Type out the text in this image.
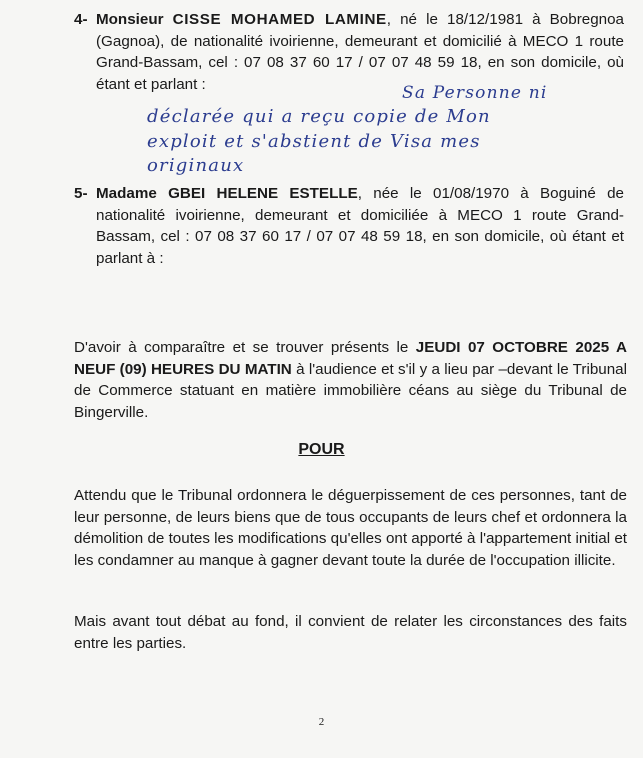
4- Monsieur CISSE MOHAMED LAMINE, né le 18/12/1981 à Bobregnoa (Gagnoa), de nationalité ivoirienne, demeurant et domicilié à MECO 1 route Grand-Bassam, cel : 07 08 37 60 17 / 07 07 48 59 18, en son domicile, où étant et parlant :	Sa Personne ni
déclarée qui a reçu copie de Mon
exploit et s'abstient de Visa mes
originaux
5- Madame GBEI HELENE ESTELLE, née le 01/08/1970 à Boguiné de nationalité ivoirienne, demeurant et domiciliée à MECO 1 route Grand-Bassam, cel : 07 08 37 60 17 / 07 07 48 59 18, en son domicile, où étant et parlant à :
D'avoir à comparaître et se trouver présents le JEUDI 07 OCTOBRE 2025 A NEUF (09) HEURES DU MATIN à l'audience et s'il y a lieu par –devant le Tribunal de Commerce statuant en matière immobilière céans au siège du Tribunal de Bingerville.
POUR
Attendu que le Tribunal ordonnera le déguerpissement de ces personnes, tant de leur personne, de leurs biens que de tous occupants de leurs chef et ordonnera la démolition de toutes les modifications qu'elles ont apporté à l'appartement initial et les condamner au manque à gagner devant toute la durée de l'occupation illicite.
Mais avant tout débat au fond, il convient de relater les circonstances des faits entre les parties.
2
